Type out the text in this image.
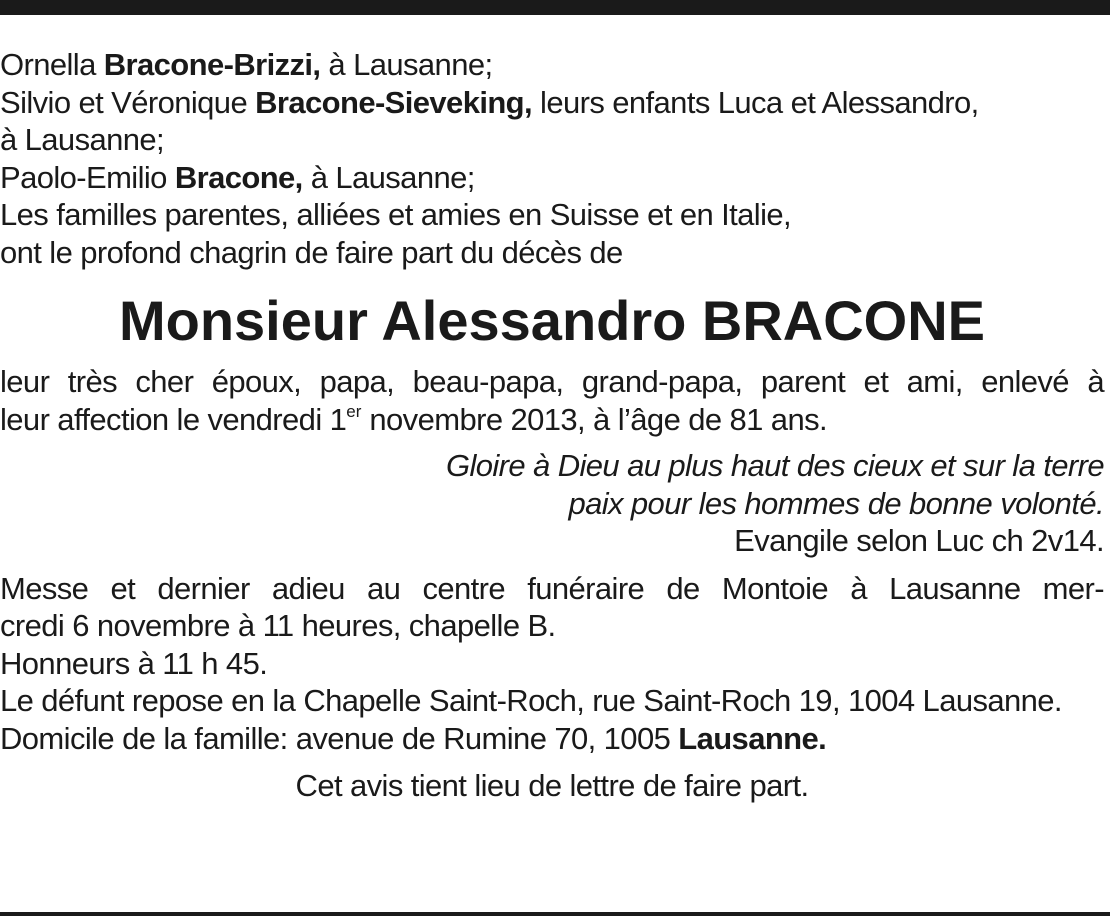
Ornella Bracone-Brizzi, à Lausanne;
Silvio et Véronique Bracone-Sieveking, leurs enfants Luca et Alessandro,
à Lausanne;
Paolo-Emilio Bracone, à Lausanne;
Les familles parentes, alliées et amies en Suisse et en Italie,
ont le profond chagrin de faire part du décès de
Monsieur Alessandro BRACONE
leur très cher époux, papa, beau-papa, grand-papa, parent et ami, enlevé à
leur affection le vendredi 1er novembre 2013, à l’âge de 81 ans.
Gloire à Dieu au plus haut des cieux et sur la terre
paix pour les hommes de bonne volonté.
Evangile selon Luc ch 2v14.
Messe et dernier adieu au centre funéraire de Montoie à Lausanne mer-
credi 6 novembre à 11 heures, chapelle B.
Honneurs à 11 h 45.
Le défunt repose en la Chapelle Saint-Roch, rue Saint-Roch 19, 1004 Lausanne.
Domicile de la famille: avenue de Rumine 70, 1005 Lausanne.
Cet avis tient lieu de lettre de faire part.
